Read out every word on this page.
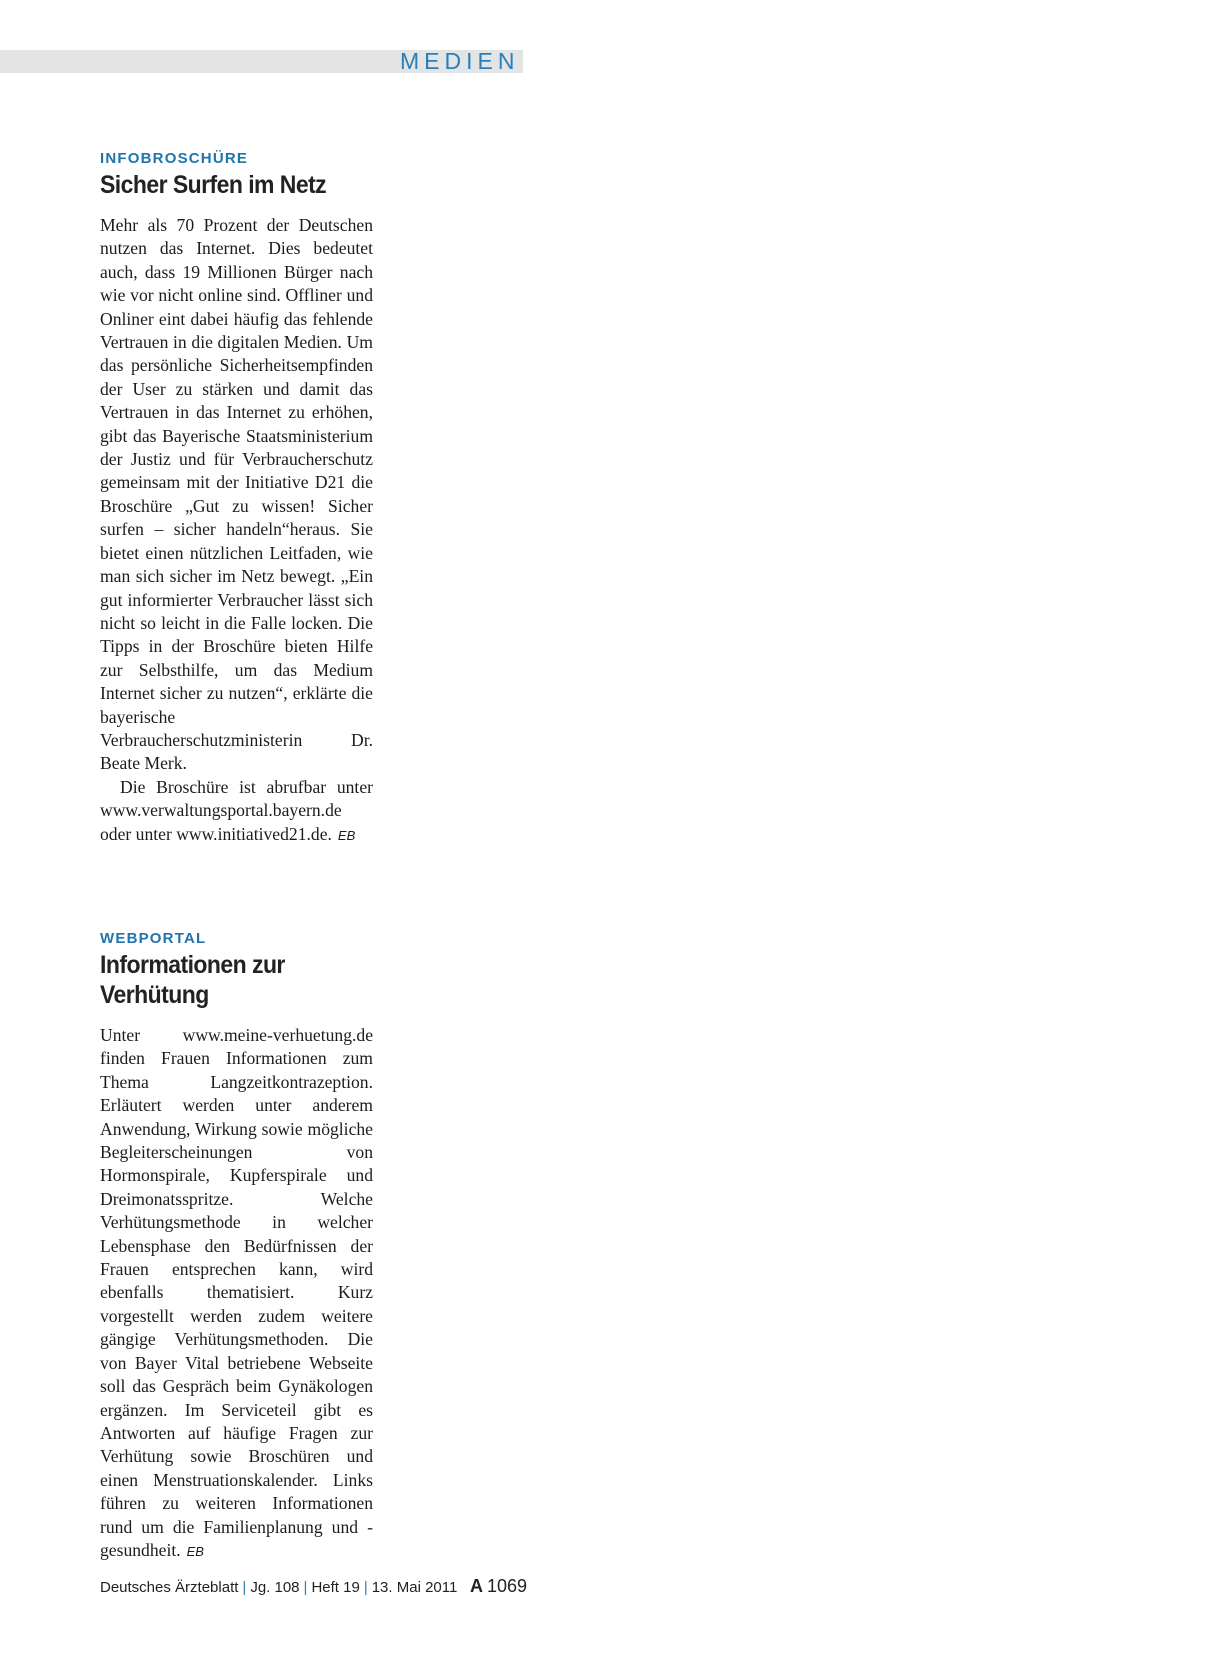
MEDIEN

INFOBROSCHÜRE

Sicher Surfen im Netz

Mehr als 70 Prozent der Deutschen nutzen das Internet. Dies bedeutet auch, dass 19 Millionen Bürger nach wie vor nicht online sind. Offliner und Onliner eint dabei häufig das fehlende Vertrauen in die digitalen Medien. Um das persönliche Sicherheitsempfinden der User zu stärken und damit das Vertrauen in das Internet zu erhöhen, gibt das Bayerische Staatsministerium der Justiz und für Verbraucherschutz gemeinsam mit der Initiative D21 die Broschüre „Gut zu wissen! Sicher surfen – sicher handeln“heraus. Sie bietet einen nützlichen Leitfaden, wie man sich sicher im Netz bewegt. „Ein gut informierter Verbraucher lässt sich nicht so leicht in die Falle locken. Die Tipps in der Broschüre bieten Hilfe zur Selbsthilfe, um das Medium Internet sicher zu nutzen“, erklärte die bayerische Verbraucherschutzministerin Dr. Beate Merk.

Die Broschüre ist abrufbar unter www.verwaltungsportal.bayern.de oder unter www.initiatived21.de. EB

WEBPORTAL

Informationen zur Verhütung

Unter www.meine-verhuetung.de finden Frauen Informationen zum Thema Langzeitkontrazeption. Erläutert werden unter anderem Anwendung, Wirkung sowie mögliche Begleiterscheinungen von Hormonspirale, Kupferspirale und Dreimonatsspritze. Welche Verhütungsmethode in welcher Lebensphase den Bedürfnissen der Frauen entsprechen kann, wird ebenfalls thematisiert. Kurz vorgestellt werden zudem weitere gängige Verhütungsmethoden. Die von Bayer Vital betriebene Webseite soll das Gespräch beim Gynäkologen ergänzen. Im Serviceteil gibt es Antworten auf häufige Fragen zur Verhütung sowie Broschüren und einen Menstruationskalender. Links führen zu weiteren Informationen rund um die Familienplanung und -gesundheit. EB

Deutsches Ärzteblatt | Jg. 108 | Heft 19 | 13. Mai 2011 A 1069
